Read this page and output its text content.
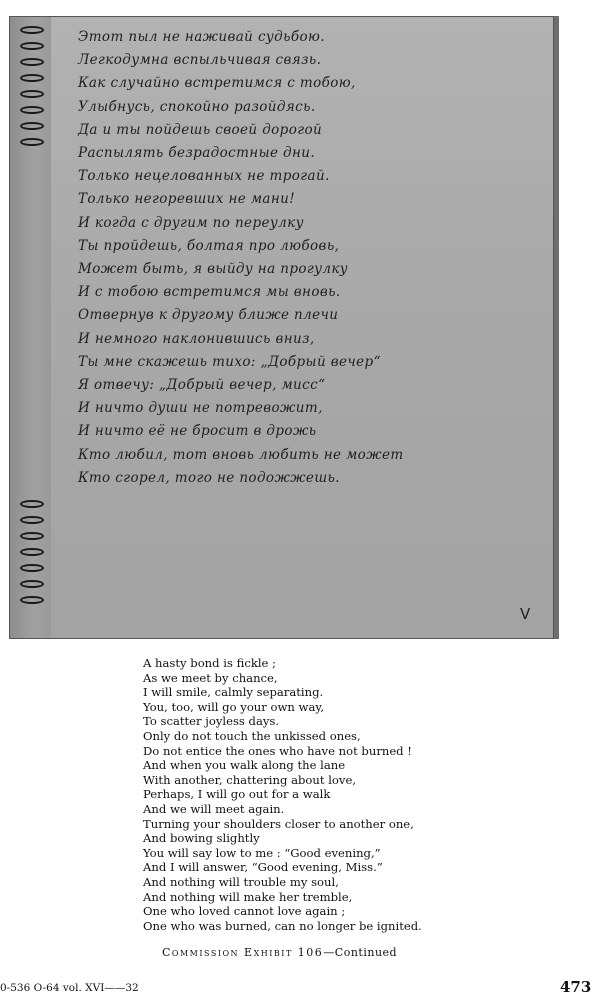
Этот пыл не наживай судьбою.
Легкодумна вспыльчивая связь.
Как случайно встретимся с тобою,
Улыбнусь, спокойно разойдясь.
Да и ты пойдешь своей дорогой
Распылять безрадостные дни.
Только нецелованных не трогай.
Только негоревших не мани!
И когда с другим по переулку
Ты пройдешь, болтая про любовь,
Может быть, я выйду на прогулку
И с тобою встретимся мы вновь.
Отвернув к другому ближе плечи
И немного наклонившись вниз,
Ты мне скажешь тихо: „Добрый вечер“
Я отвечу: „Добрый вечер, мисс“
И ничто души не потревожит,
И ничто её не бросит в дрожь
Кто любил, тот вновь любить не может
Кто сгорел, того не подожжешь.
V
A hasty bond is fickle ;
As we meet by chance,
I will smile, calmly separating.
You, too, will go your own way,
To scatter joyless days.
Only do not touch the unkissed ones,
Do not entice the ones who have not burned !
And when you walk along the lane
With another, chattering about love,
Perhaps, I will go out for a walk
And we will meet again.
Turning your shoulders closer to another one,
And bowing slightly
You will say low to me : “Good evening,”
And I will answer, “Good evening, Miss.”
And nothing will trouble my soul,
And nothing will make her tremble,
One who loved cannot love again ;
One who was burned, can no longer be ignited.
Commission Exhibit 106—Continued
0-536 O-64 vol. XVI——32	473
